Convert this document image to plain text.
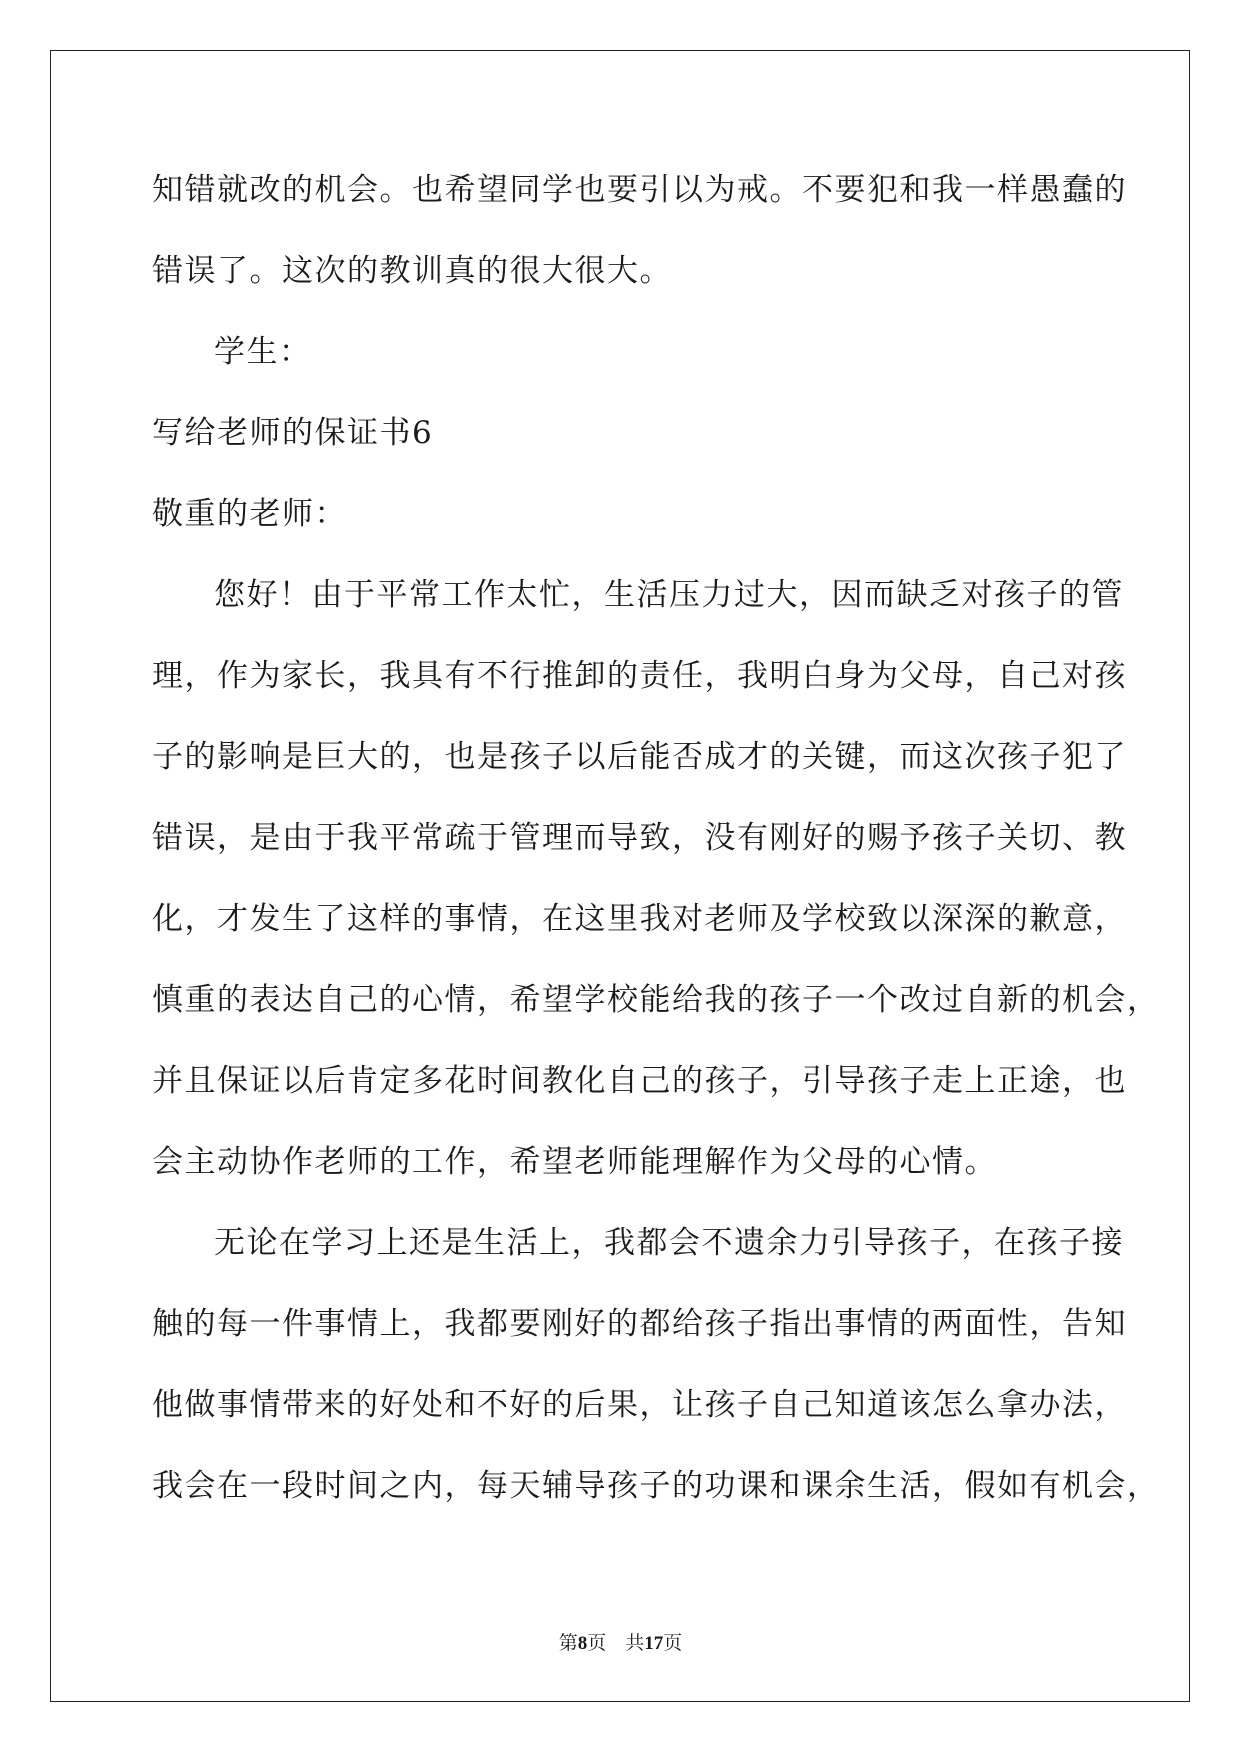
知错就改的机会。也希望同学也要引以为戒。不要犯和我一样愚蠢的
错误了。这次的教训真的很大很大。
学生：
写给老师的保证书6
敬重的老师：
您好！由于平常工作太忙，生活压力过大，因而缺乏对孩子的管
理，作为家长，我具有不行推卸的责任，我明白身为父母，自己对孩
子的影响是巨大的，也是孩子以后能否成才的关键，而这次孩子犯了
错误，是由于我平常疏于管理而导致，没有刚好的赐予孩子关切、教
化，才发生了这样的事情，在这里我对老师及学校致以深深的歉意，
慎重的表达自己的心情，希望学校能给我的孩子一个改过自新的机会，
并且保证以后肯定多花时间教化自己的孩子，引导孩子走上正途，也
会主动协作老师的工作，希望老师能理解作为父母的心情。
无论在学习上还是生活上，我都会不遗余力引导孩子，在孩子接
触的每一件事情上，我都要刚好的都给孩子指出事情的两面性，告知
他做事情带来的好处和不好的后果，让孩子自己知道该怎么拿办法，
我会在一段时间之内，每天辅导孩子的功课和课余生活，假如有机会，
第8页 共17页
